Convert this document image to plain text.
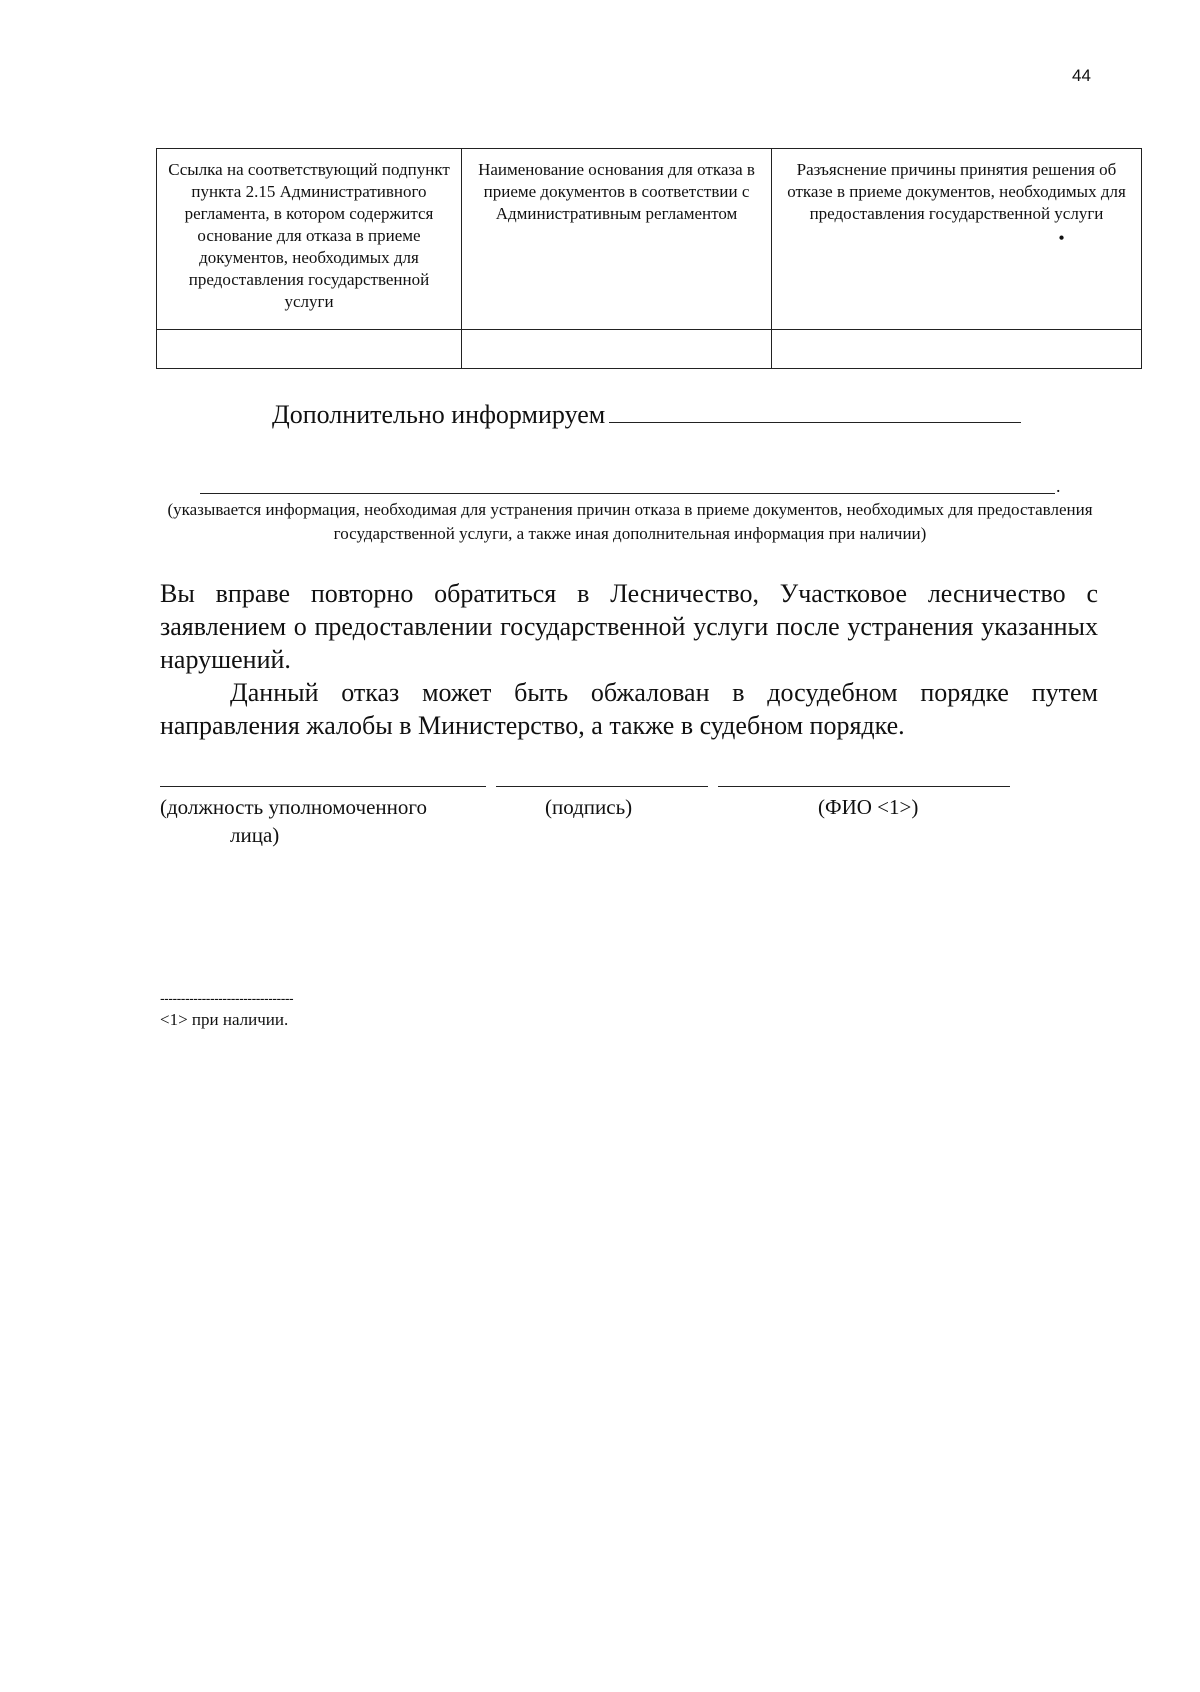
44
Ссылка на соответствующий подпункт пункта 2.15 Административного регламента, в котором содержится основание для отказа в приеме документов, необходимых для предоставления государственной услуги	Наименование основания для отказа в приеме документов в соответствии с Административным регламентом	Разъяснение причины принятия решения об отказе в приеме документов, необходимых для предоставления государственной услуги
•

Дополнительно информируем
.
(указывается информация, необходимая для устранения причин отказа в приеме документов, необходимых для предоставления государственной услуги, а также иная дополнительная информация при наличии)

Вы вправе повторно обратиться в Лесничество, Участковое лесничество с заявлением о предоставлении государственной услуги после устранения указанных нарушений.

Данный отказ может быть обжалован в досудебном порядке путем направления жалобы в Министерство, а также в судебном порядке.

(должность уполномоченного
лица)
(подпись)	(ФИО <1>)
--------------------------------
<1> при наличии.
